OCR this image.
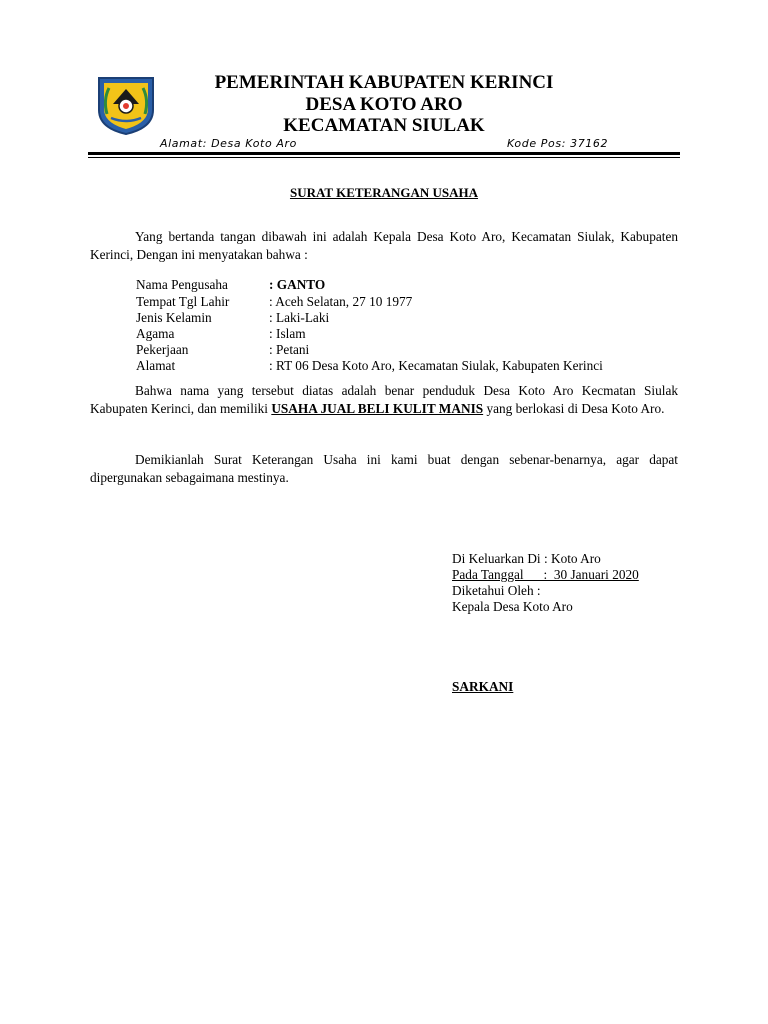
PEMERINTAH KABUPATEN KERINCI
DESA KOTO ARO
KECAMATAN SIULAK
Alamat: Desa Koto Aro	Kode Pos: 37162
SURAT KETERANGAN USAHA
Yang bertanda tangan dibawah ini adalah Kepala Desa Koto Aro, Kecamatan Siulak, Kabupaten Kerinci, Dengan ini menyatakan bahwa :
Nama Pengusaha	: GANTO
Tempat Tgl Lahir	: Aceh Selatan, 27 10 1977
Jenis Kelamin	: Laki-Laki
Agama	: Islam
Pekerjaan	: Petani
Alamat	: RT 06 Desa Koto Aro, Kecamatan Siulak, Kabupaten Kerinci
Bahwa nama yang tersebut diatas adalah benar penduduk Desa Koto Aro Kecmatan Siulak Kabupaten Kerinci, dan memiliki USAHA JUAL BELI KULIT MANIS yang berlokasi di Desa Koto Aro.
Demikianlah Surat Keterangan Usaha ini kami buat dengan sebenar-benarnya, agar dapat dipergunakan sebagaimana mestinya.
Di Keluarkan Di : Koto Aro
Pada Tanggal      :  30 Januari 2020
Diketahui Oleh :
Kepala Desa Koto Aro
SARKANI
